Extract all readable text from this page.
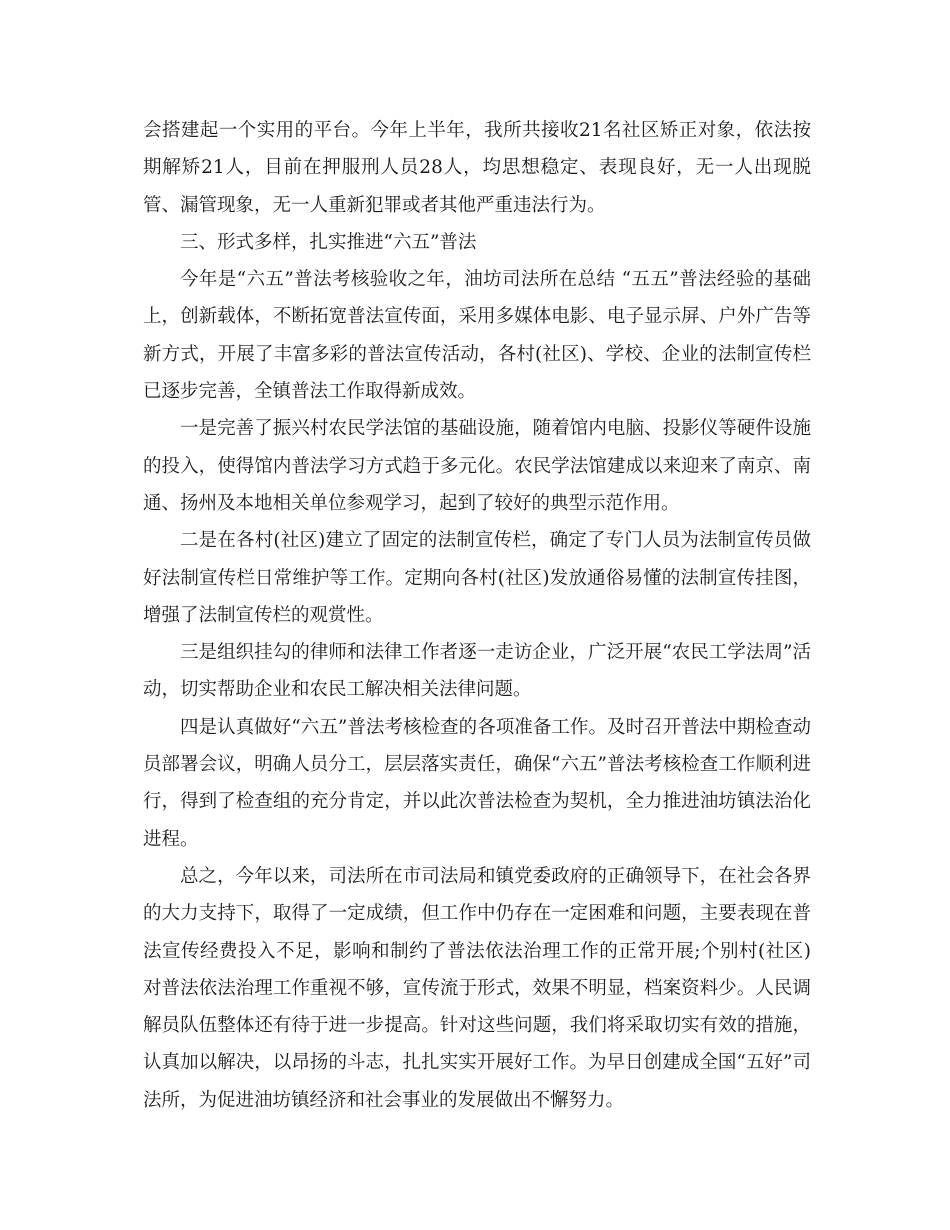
会搭建起一个实用的平台。今年上半年，我所共接收21名社区矫正对象，依法按期解矫21人，目前在押服刑人员28人，均思想稳定、表现良好，无一人出现脱管、漏管现象，无一人重新犯罪或者其他严重违法行为。

三、形式多样，扎实推进“六五”普法

今年是“六五”普法考核验收之年，油坊司法所在总结 “五五”普法经验的基础上，创新载体，不断拓宽普法宣传面，采用多媒体电影、电子显示屏、户外广告等新方式，开展了丰富多彩的普法宣传活动，各村(社区)、学校、企业的法制宣传栏已逐步完善，全镇普法工作取得新成效。

一是完善了振兴村农民学法馆的基础设施，随着馆内电脑、投影仪等硬件设施的投入，使得馆内普法学习方式趋于多元化。农民学法馆建成以来迎来了南京、南通、扬州及本地相关单位参观学习，起到了较好的典型示范作用。

二是在各村(社区)建立了固定的法制宣传栏，确定了专门人员为法制宣传员做好法制宣传栏日常维护等工作。定期向各村(社区)发放通俗易懂的法制宣传挂图，增强了法制宣传栏的观赏性。

三是组织挂勾的律师和法律工作者逐一走访企业，广泛开展“农民工学法周”活动，切实帮助企业和农民工解决相关法律问题。

四是认真做好“六五”普法考核检查的各项准备工作。及时召开普法中期检查动员部署会议，明确人员分工，层层落实责任，确保“六五”普法考核检查工作顺利进行，得到了检查组的充分肯定，并以此次普法检查为契机，全力推进油坊镇法治化进程。

总之，今年以来，司法所在市司法局和镇党委政府的正确领导下，在社会各界的大力支持下，取得了一定成绩，但工作中仍存在一定困难和问题，主要表现在普法宣传经费投入不足，影响和制约了普法依法治理工作的正常开展;个别村(社区)对普法依法治理工作重视不够，宣传流于形式，效果不明显，档案资料少。人民调解员队伍整体还有待于进一步提高。针对这些问题，我们将采取切实有效的措施，认真加以解决，以昂扬的斗志，扎扎实实开展好工作。为早日创建成全国“五好”司法所，为促进油坊镇经济和社会事业的发展做出不懈努力。
